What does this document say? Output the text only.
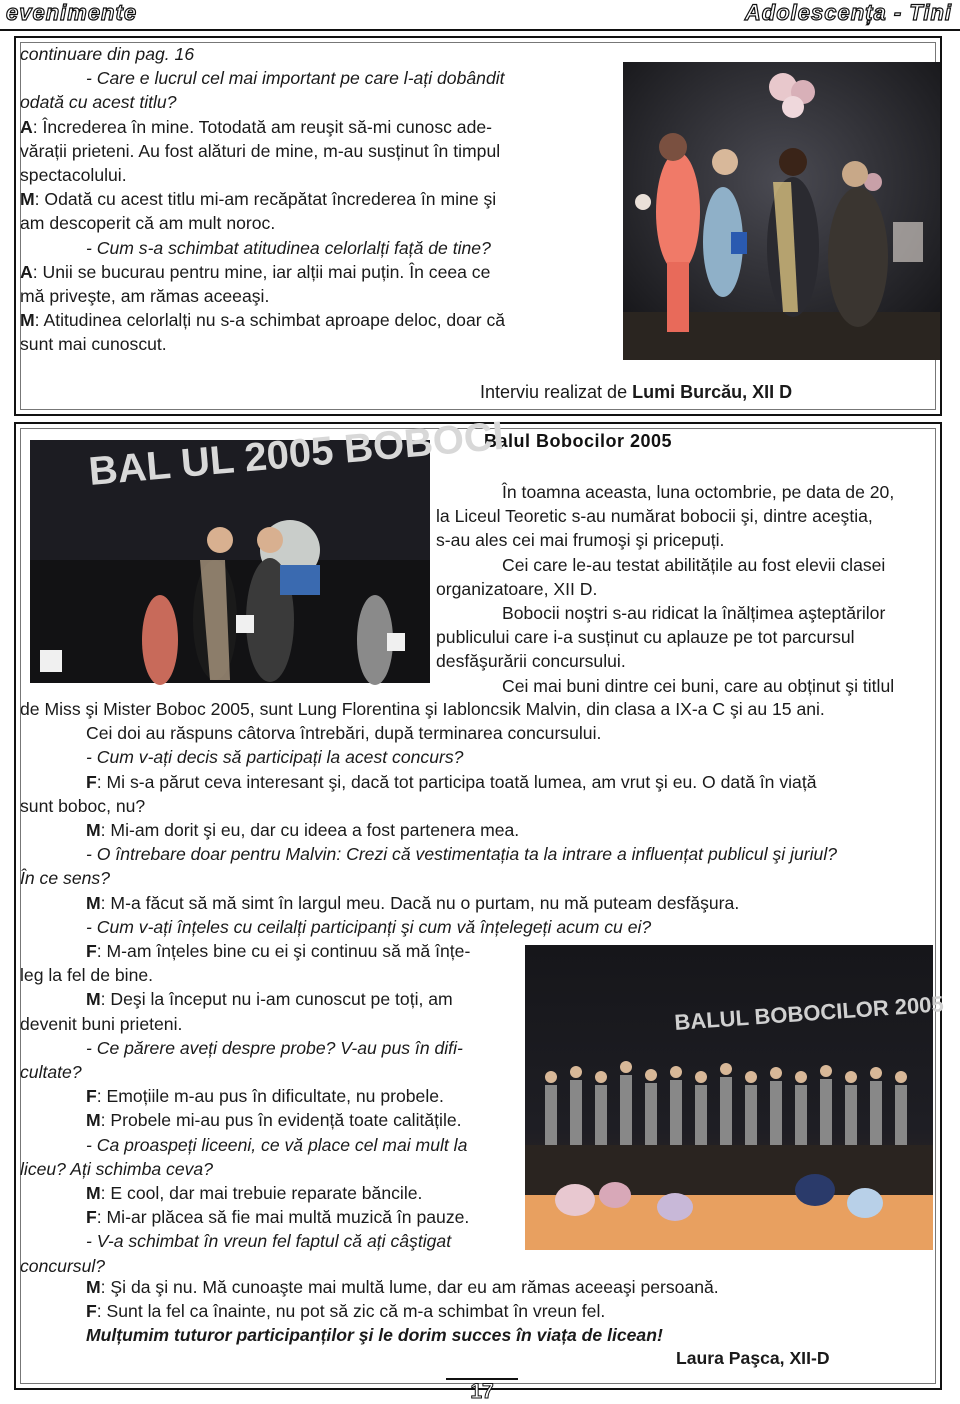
evenimente	Adolescența - Tini

continuare din pag. 16

- Care e lucrul cel mai important pe care l-ați dobândit

odată cu acest titlu?

A: Încrederea în mine. Totodată am reuşit să-mi cunosc ade-

vărații prieteni. Au fost alături de mine, m-au susținut în timpul

spectacolului.

M: Odată cu acest titlu mi-am recăpătat încrederea în mine şi

am descoperit că am mult noroc.

- Cum s-a schimbat atitudinea celorlalți față de tine?

A: Unii se bucurau pentru mine, iar alții mai puțin. În ceea ce

mă priveşte, am rămas aceeaşi.

M: Atitudinea celorlalți nu s-a schimbat aproape deloc, doar că

sunt mai cunoscut.

Interviu realizat de Lumi Burcău, XII D
Balul Bobocilor 2005
BAL UL 2005 BOBOCI

În toamna aceasta, luna octombrie, pe data de 20,

la Liceul Teoretic s-au numărat bobocii şi, dintre aceştia,

s-au ales cei mai frumoşi şi pricepuți.

Cei care le-au testat abilitățile au fost elevii clasei

organizatoare, XII D.

Bobocii noştri s-au ridicat la înălțimea aşteptărilor

publicului care i-a susținut cu aplauze pe tot parcursul

desfăşurării concursului.

Cei mai buni dintre cei buni, care au obținut şi titlul

de Miss şi Mister Boboc 2005, sunt Lung Florentina şi Iabloncsik Malvin, din clasa a IX-a C şi au 15 ani.

Cei doi au răspuns câtorva întrebări, după terminarea concursului.

- Cum v-ați decis să participați la acest concurs?

F: Mi s-a părut ceva interesant şi, dacă tot participa toată lumea, am vrut şi eu. O dată în viață

sunt boboc, nu?

M: Mi-am dorit şi eu, dar cu ideea a fost partenera mea.

- O întrebare doar pentru Malvin: Crezi că vestimentația ta la intrare a influențat publicul şi juriul?

În ce sens?

M: M-a făcut să mă simt în largul meu. Dacă nu o purtam, nu mă puteam desfăşura.

- Cum v-ați înțeles cu ceilalți participanți şi cum vă înțelegeți acum cu ei?

F: M-am înțeles bine cu ei şi continuu să mă înțe-

leg la fel de bine.

M: Deşi la început nu i-am cunoscut pe toți, am

devenit buni prieteni.

- Ce părere aveți despre probe? V-au pus în difi-

cultate?

F: Emoțiile m-au pus în dificultate, nu probele.

M: Probele mi-au pus în evidență toate calitățile.

- Ca proaspeți liceeni, ce vă place cel mai mult la

liceu? Ați schimba ceva?

M: E cool, dar mai trebuie reparate băncile.

F: Mi-ar plăcea să fie mai multă muzică în pauze.

- V-a schimbat în vreun fel faptul că ați câştigat

concursul?

BALUL BOBOCILOR 2005

M: Şi da şi nu. Mă cunoaşte mai multă lume, dar eu am rămas aceeaşi persoană.

F: Sunt la fel ca înainte, nu pot să zic că m-a schimbat în vreun fel.

Mulțumim tuturor participanților şi le dorim succes în viața de licean!

Laura Paşca, XII-D
17
